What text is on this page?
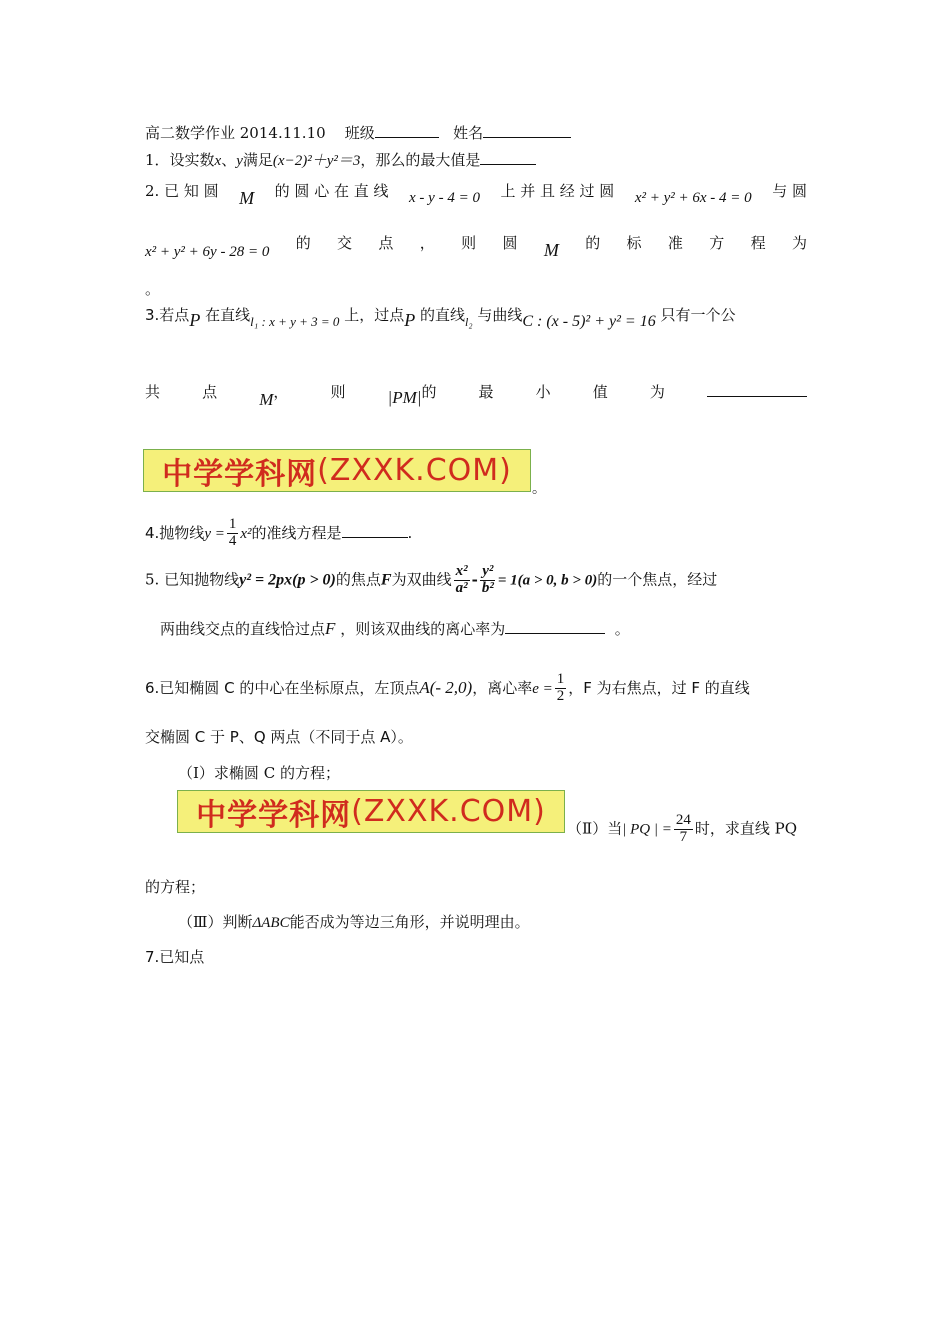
高二数学作业 2014.11.10 班级	姓名
1．设实数x、y满足(x−2)²＋y²＝3，那么的最大值是
2. 已 知 圆 M 的 圆 心 在 直 线 x - y - 4 = 0 上 并 且 经 过 圆 x² + y² + 6x - 4 = 0 与 圆
x² + y² + 6y - 28 = 0 的 交 点 ， 则 圆 M 的 标 准 方 程 为
。
3.若点P 在直线l₁ : x + y + 3 = 0 上，过点P 的直线$_{l_2}$ 与曲线C : (x - 5)² + y² = 16 只有一个公
共	点 M，	则 |PM|的	最	小	值	为
中学学科网 (ZXXK.COM)
。
4.抛物线$y = \frac{1}{4} x^2$的准线方程是	.
5. 已知抛物线y² = 2px(p > 0)的焦点F为双曲线 $\frac{\text{x²}}{\text{a²}} - \frac{\text{y²}}{\text{b²}} = 1(a > 0$, b > 0)的一个焦点，经过
两曲线交点的直线恰过点F ，则该双曲线的离心率为	。
6.已知椭圆 C 的中心在坐标原点，左顶点A(- 2,0)，离心率$e = \frac{1}{2}$ ，F 为右焦点，过 F 的直线
交椭圆 C 于 P、Q 两点（不同于点 A）。
（Ⅰ）求椭圆 C 的方程；
中学学科网 (ZXXK.COM) （Ⅱ）当| PQ | = $\frac{24}{7}$ 时，求直线 PQ
的方程；
（Ⅲ）判断ΔABC能否成为等边三角形，并说明理由。
7.已知点
